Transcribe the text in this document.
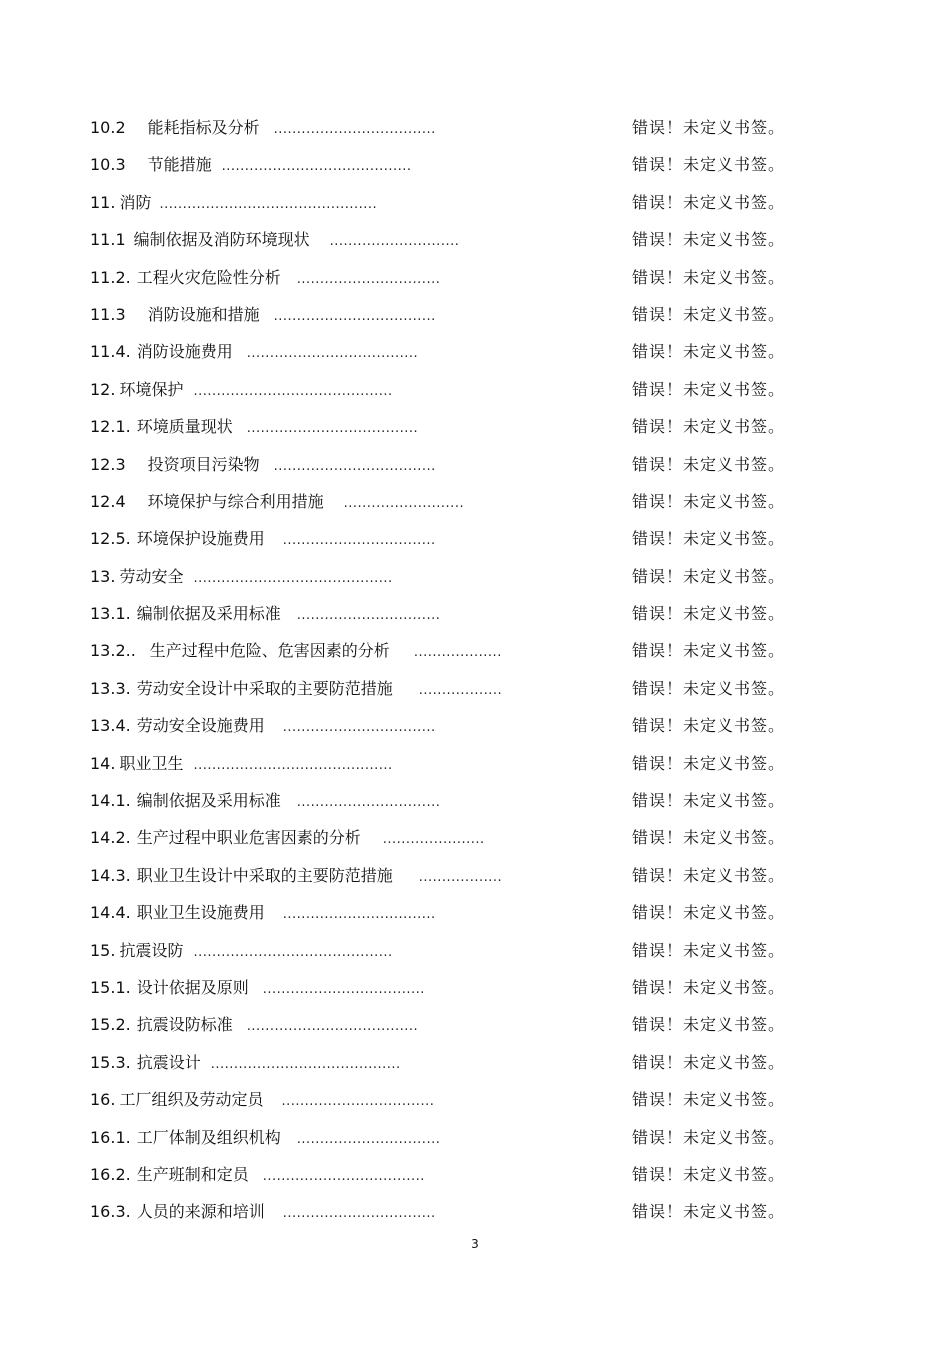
10.2 能耗指标及分析 ...................................	错误！未定义书签。
10.3 节能措施 .........................................	错误！未定义书签。
11. 消防 ...............................................	错误！未定义书签。
11.1 编制依据及消防环境现状 ............................	错误！未定义书签。
11.2. 工程火灾危险性分析 ...............................	错误！未定义书签。
11.3 消防设施和措施 ...................................	错误！未定义书签。
11.4. 消防设施费用 .....................................	错误！未定义书签。
12. 环境保护 ...........................................	错误！未定义书签。
12.1. 环境质量现状 .....................................	错误！未定义书签。
12.3 投资项目污染物 ...................................	错误！未定义书签。
12.4 环境保护与综合利用措施 ..........................	错误！未定义书签。
12.5. 环境保护设施费用 .................................	错误！未定义书签。
13. 劳动安全 ...........................................	错误！未定义书签。
13.1. 编制依据及采用标准 ...............................	错误！未定义书签。
13.2.. 生产过程中危险、危害因素的分析 ...................	错误！未定义书签。
13.3. 劳动安全设计中采取的主要防范措施 ..................	错误！未定义书签。
13.4. 劳动安全设施费用 .................................	错误！未定义书签。
14. 职业卫生 ...........................................	错误！未定义书签。
14.1. 编制依据及采用标准 ...............................	错误！未定义书签。
14.2. 生产过程中职业危害因素的分析 ......................	错误！未定义书签。
14.3. 职业卫生设计中采取的主要防范措施 ..................	错误！未定义书签。
14.4. 职业卫生设施费用 .................................	错误！未定义书签。
15. 抗震设防 ...........................................	错误！未定义书签。
15.1. 设计依据及原则 ...................................	错误！未定义书签。
15.2. 抗震设防标准 .....................................	错误！未定义书签。
15.3. 抗震设计 .........................................	错误！未定义书签。
16. 工厂组织及劳动定员 .................................	错误！未定义书签。
16.1. 工厂体制及组织机构 ...............................	错误！未定义书签。
16.2. 生产班制和定员 ...................................	错误！未定义书签。
16.3. 人员的来源和培训 .................................	错误！未定义书签。
3
